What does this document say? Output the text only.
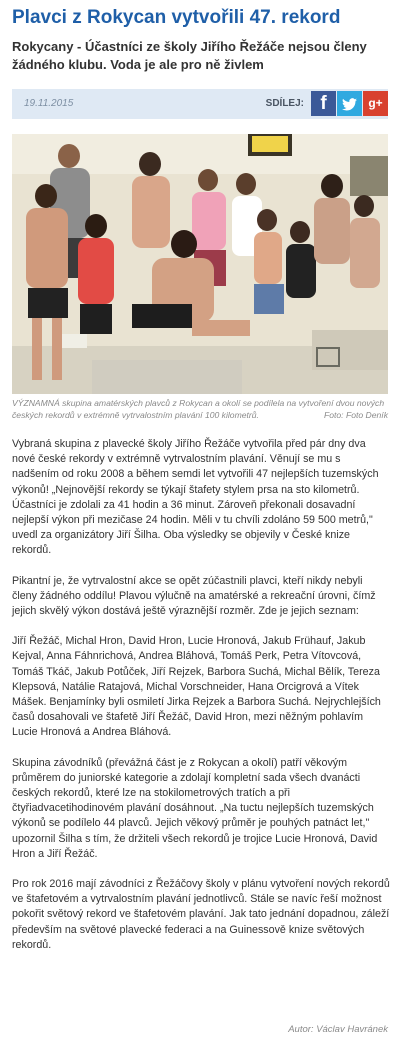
Plavci z Rokycan vytvořili 47. rekord
Rokycany - Účastníci ze školy Jiřího Řežáče nejsou členy žádného klubu. Voda je ale pro ně živlem
19.11.2015	SDÍLEJ: f	g+
VÝZNAMNÁ skupina amatérských plavců z Rokycan a okolí se podílela na vytvoření dvou nových českých rekordů v extrémně vytrvalostním plavání 100 kilometrů.	Foto: Foto Deník

Vybraná skupina z plavecké školy Jiřího Řežáče vytvořila před pár dny dva nové české rekordy v extrémně vytrvalostním plavání. Věnují se mu s nadšením od roku 2008 a během semdi let vytvořili 47 nejlepších tuzemských výkonů! „Nejnovější rekordy se týkají štafety stylem prsa na sto kilometrů. Účastníci je zdolali za 41 hodin a 36 minut. Zároveň překonali dosavadní nejlepší výkon při mezičase 24 hodin. Měli v tu chvíli zdoláno 59 500 metrů," uvedl za organizátory Jiří Šilha. Oba výsledky se objevily v České knize rekordů.

Pikantní je, že vytrvalostní akce se opět zúčastnili plavci, kteří nikdy nebyli členy žádného oddílu! Plavou výlučně na amatérské a rekreační úrovni, čímž jejich skvělý výkon dostává ještě výraznější rozměr. Zde je jejich seznam:

Jiří Řežáč, Michal Hron, David Hron, Lucie Hronová, Jakub Frühauf, Jakub Kejval, Anna Fáhnrichová, Andrea Bláhová, Tomáš Perk, Petra Vítovcová, Tomáš Tkáč, Jakub Potůček, Jiří Rejzek, Barbora Suchá, Michal Bělík, Tereza Klepsová, Natálie Ratajová, Michal Vorschneider, Hana Orcigrová a Vítek Mášek. Benjamínky byli osmiletí Jirka Rejzek a Barbora Suchá. Nejrychlejších časů dosahovali ve štafetě Jiří Řežáč, David Hron, mezi něžným pohlavím Lucie Hronová a Andrea Bláhová.

Skupina závodníků (převážná část je z Rokycan a okolí) patří věkovým průměrem do juniorské kategorie a zdolají kompletní sada všech dvanácti českých rekordů, které lze na stokilometrových tratích a při čtyřiadvacetihodinovém plavání dosáhnout. „Na tuctu nejlepších tuzemských výkonů se podílelo 44 plavců. Jejich věkový průměr je pouhých patnáct let," upozornil Šilha s tím, že držiteli všech rekordů je trojice Lucie Hronová, David Hron a Jiří Řežáč.

Pro rok 2016 mají závodníci z Řežáčovy školy v plánu vytvoření nových rekordů ve štafetovém a vytrvalostním plavání jednotlivců. Stále se navíc řeší možnost pokořit světový rekord ve štafetovém plavání. Jak tato jednání dopadnou, záleží především na světové plavecké federaci a na Guinessově knize světových rekordů.

Autor: Václav Havránek
